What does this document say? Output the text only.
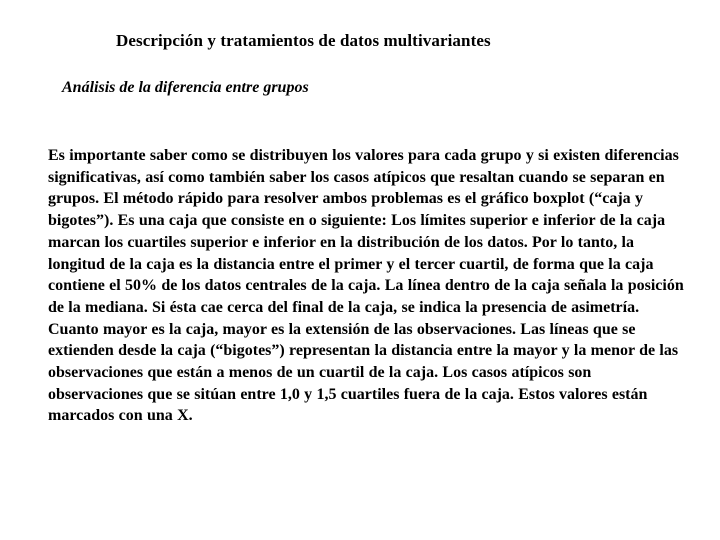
Descripción y tratamientos de datos multivariantes
Análisis de la diferencia entre grupos
Es importante saber como se distribuyen los valores para cada grupo y si existen diferencias significativas, así como también saber los casos atípicos que resaltan cuando se separan en grupos. El método rápido para resolver ambos problemas es el gráfico boxplot (“caja y bigotes”). Es una caja que consiste en o siguiente: Los límites superior e inferior de la caja marcan los cuartiles superior e inferior en la distribución de los datos. Por lo tanto, la longitud de la caja es la distancia entre el primer y el tercer cuartil, de forma que la caja contiene el 50% de los datos centrales de la caja. La línea dentro de la caja señala la posición de la mediana. Si ésta cae cerca del final de la caja, se indica la presencia de asimetría. Cuanto mayor es la caja, mayor es la extensión de las observaciones. Las líneas que se extienden desde la caja (“bigotes”) representan la distancia entre la mayor y la menor de las observaciones que están a menos de un cuartil de la caja. Los casos atípicos son observaciones que se sitúan entre 1,0 y 1,5 cuartiles fuera de la caja. Estos valores están marcados con una X.
